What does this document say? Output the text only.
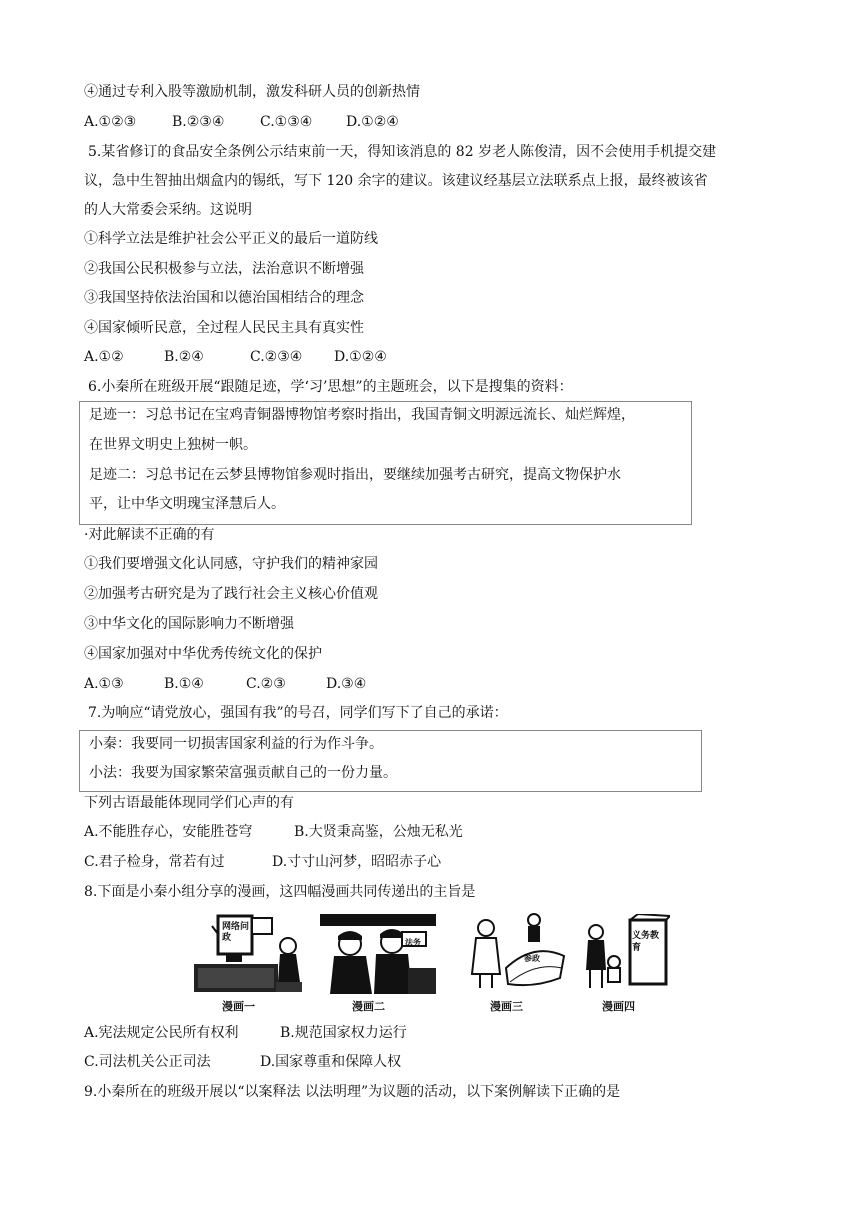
④通过专利入股等激励机制，激发科研人员的创新热情
A.①②③	B.②③④	C.①③④ D.①②④
5.某省修订的食品安全条例公示结束前一天，得知该消息的 82 岁老人陈俊清，因不会使用手机提交建
议，急中生智抽出烟盒内的锡纸，写下 120 余字的建议。该建议经基层立法联系点上报，最终被该省
的人大常委会采纳。这说明
①科学立法是维护社会公平正义的最后一道防线
②我国公民积极参与立法，法治意识不断增强
③我国坚持依法治国和以德治国相结合的理念
④国家倾听民意，全过程人民民主具有真实性
A.①②	B.②④	C.②③④ D.①②④
6.小秦所在班级开展“跟随足迹，学‘习’思想”的主题班会，以下是搜集的资料：
足迹一：习总书记在宝鸡青铜器博物馆考察时指出，我国青铜文明源远流长、灿烂辉煌，
在世界文明史上独树一帜。
足迹二：习总书记在云梦县博物馆参观时指出，要继续加强考古研究，提高文物保护水
平，让中华文明瑰宝泽慧后人。
·对此解读不正确的有
①我们要增强文化认同感，守护我们的精神家园
②加强考古研究是为了践行社会主义核心价值观
③中华文化的国际影响力不断增强
④国家加强对中华优秀传统文化的保护
A.①③	B.①④	C.②③	D.③④
7.为响应“请党放心，强国有我”的号召，同学们写下了自己的承诺：
小秦：我要同一切损害国家利益的行为作斗争。
小法：我要为国家繁荣富强贡献自己的一份力量。
下列古语最能体现同学们心声的有
A.不能胜存心，安能胜苍穹	B.大贤秉高鉴，公烛无私光
C.君子检身，常若有过	D.寸寸山河梦，昭昭赤子心
8.下面是小秦小组分享的漫画，这四幅漫画共同传递出的主旨是
网络问政
漫画一
法务
漫画二
参政
漫画三
义务教育
漫画四
A.宪法规定公民所有权利	B.规范国家权力运行
C.司法机关公正司法	D.国家尊重和保障人权
9.小秦所在的班级开展以“以案释法 以法明理”为议题的活动，以下案例解读下正确的是
